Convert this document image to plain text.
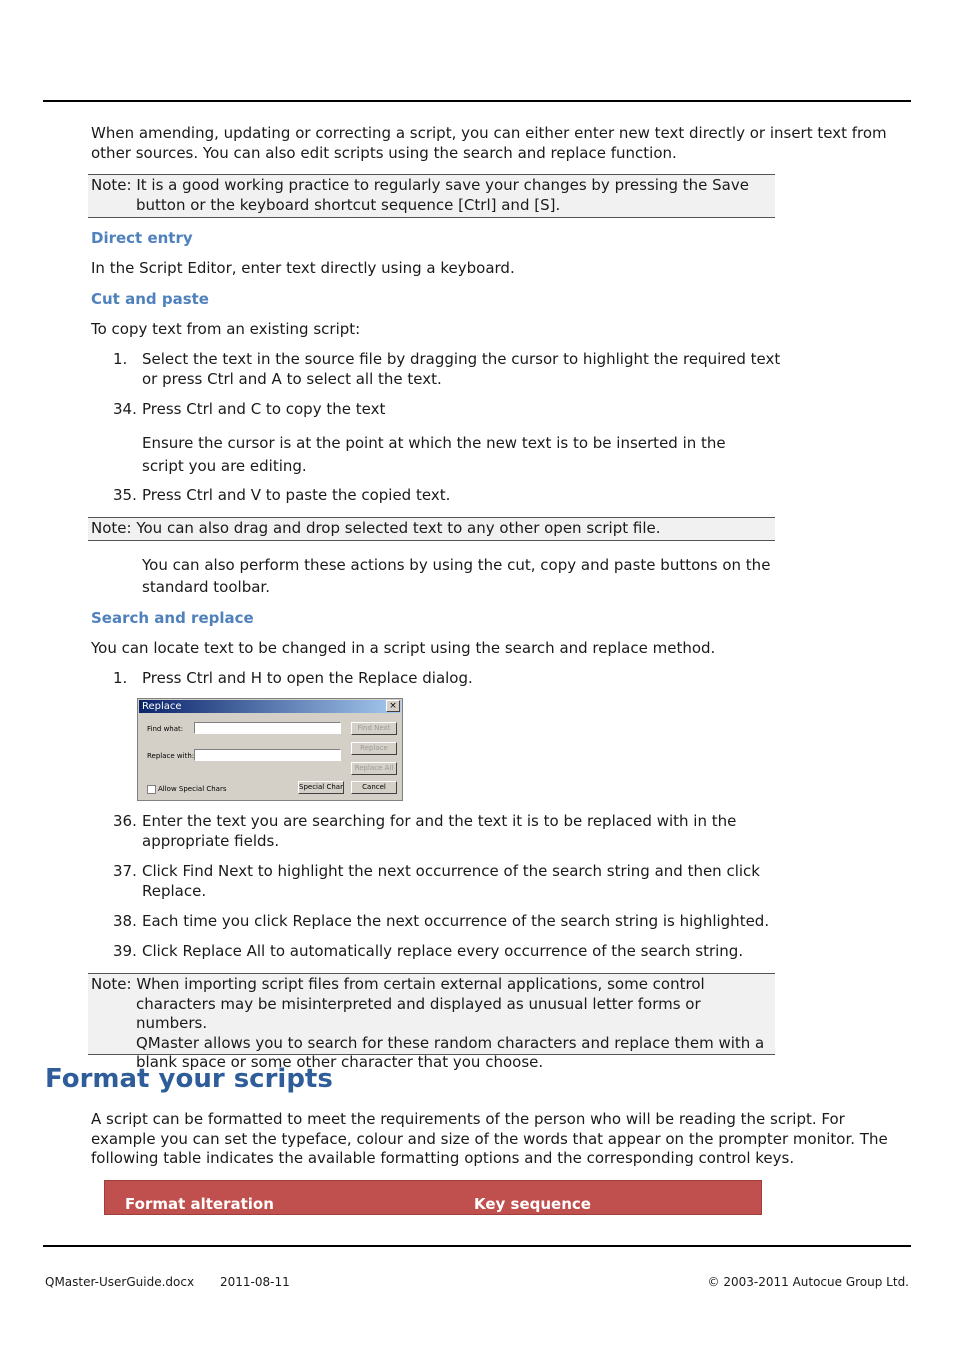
When amending, updating or correcting a script, you can either enter new text directly or insert text from other sources. You can also edit scripts using the search and replace function.
Note: It is a good working practice to regularly save your changes by pressing the Save
button or the keyboard shortcut sequence [Ctrl] and [S].
Direct entry
In the Script Editor, enter text directly using a keyboard.
Cut and paste
To copy text from an existing script:
1. Select the text in the source file by dragging the cursor to highlight the required text or press Ctrl and A to select all the text.
34. Press Ctrl and C to copy the text
Ensure the cursor is at the point at which the new text is to be inserted in the script you are editing.
35. Press Ctrl and V to paste the copied text.
Note: You can also drag and drop selected text to any other open script file.
You can also perform these actions by using the cut, copy and paste buttons on the standard toolbar.
Search and replace
You can locate text to be changed in a script using the search and replace method.
1. Press Ctrl and H to open the Replace dialog.
Replace	×
Find what:
Replace with:
Find Next
Replace
Replace All
Allow Special Chars	Special Char	Cancel
36. Enter the text you are searching for and the text it is to be replaced with in the appropriate fields.
37. Click Find Next to highlight the next occurrence of the search string and then click Replace.
38. Each time you click Replace the next occurrence of the search string is highlighted.
39. Click Replace All to automatically replace every occurrence of the search string.
Note: When importing script files from certain external applications, some control
characters may be misinterpreted and displayed as unusual letter forms or numbers.
QMaster allows you to search for these random characters and replace them with a
blank space or some other character that you choose.
Format your scripts
A script can be formatted to meet the requirements of the person who will be reading the script. For example you can set the typeface, colour and size of the words that appear on the prompter monitor. The following table indicates the available formatting options and the corresponding control keys.
Format alteration	Key sequence
QMaster-UserGuide.docx 2011-08-11	© 2003-2011 Autocue Group Ltd.
